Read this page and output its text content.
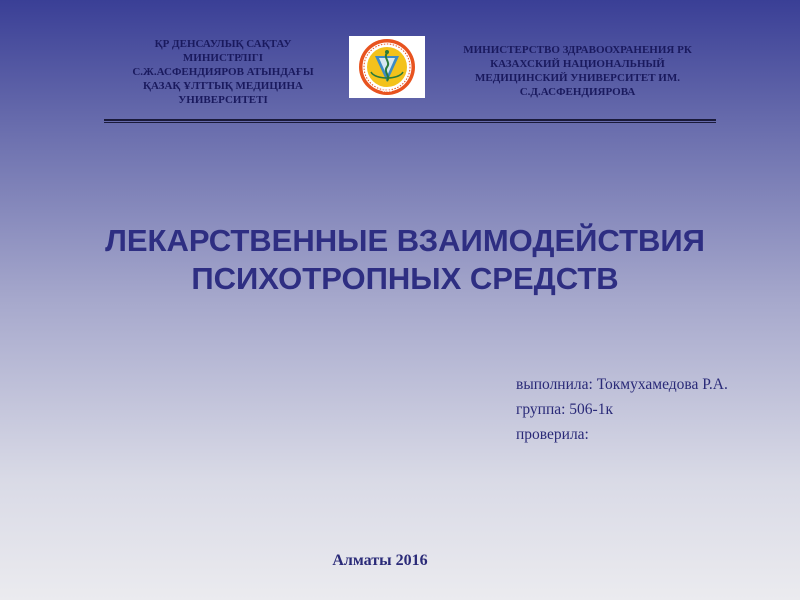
ҚР ДЕНСАУЛЫҚ САҚТАУ
МИНИСТРЛІГІ
С.Ж.АСФЕНДИЯРОВ АТЫНДАҒЫ
ҚАЗАҚ ҰЛТТЫҚ МЕДИЦИНА
УНИВЕРСИТЕТІ
1930
МИНИСТЕРСТВО ЗДРАВООХРАНЕНИЯ РК
КАЗАХСКИЙ НАЦИОНАЛЬНЫЙ
МЕДИЦИНСКИЙ УНИВЕРСИТЕТ ИМ.
С.Д.АСФЕНДИЯРОВА
ЛЕКАРСТВЕННЫЕ ВЗАИМОДЕЙСТВИЯ
ПСИХОТРОПНЫХ СРЕДСТВ
выполнила: Токмухамедова Р.А.
группа: 506-1к
проверила:
Алматы 2016
